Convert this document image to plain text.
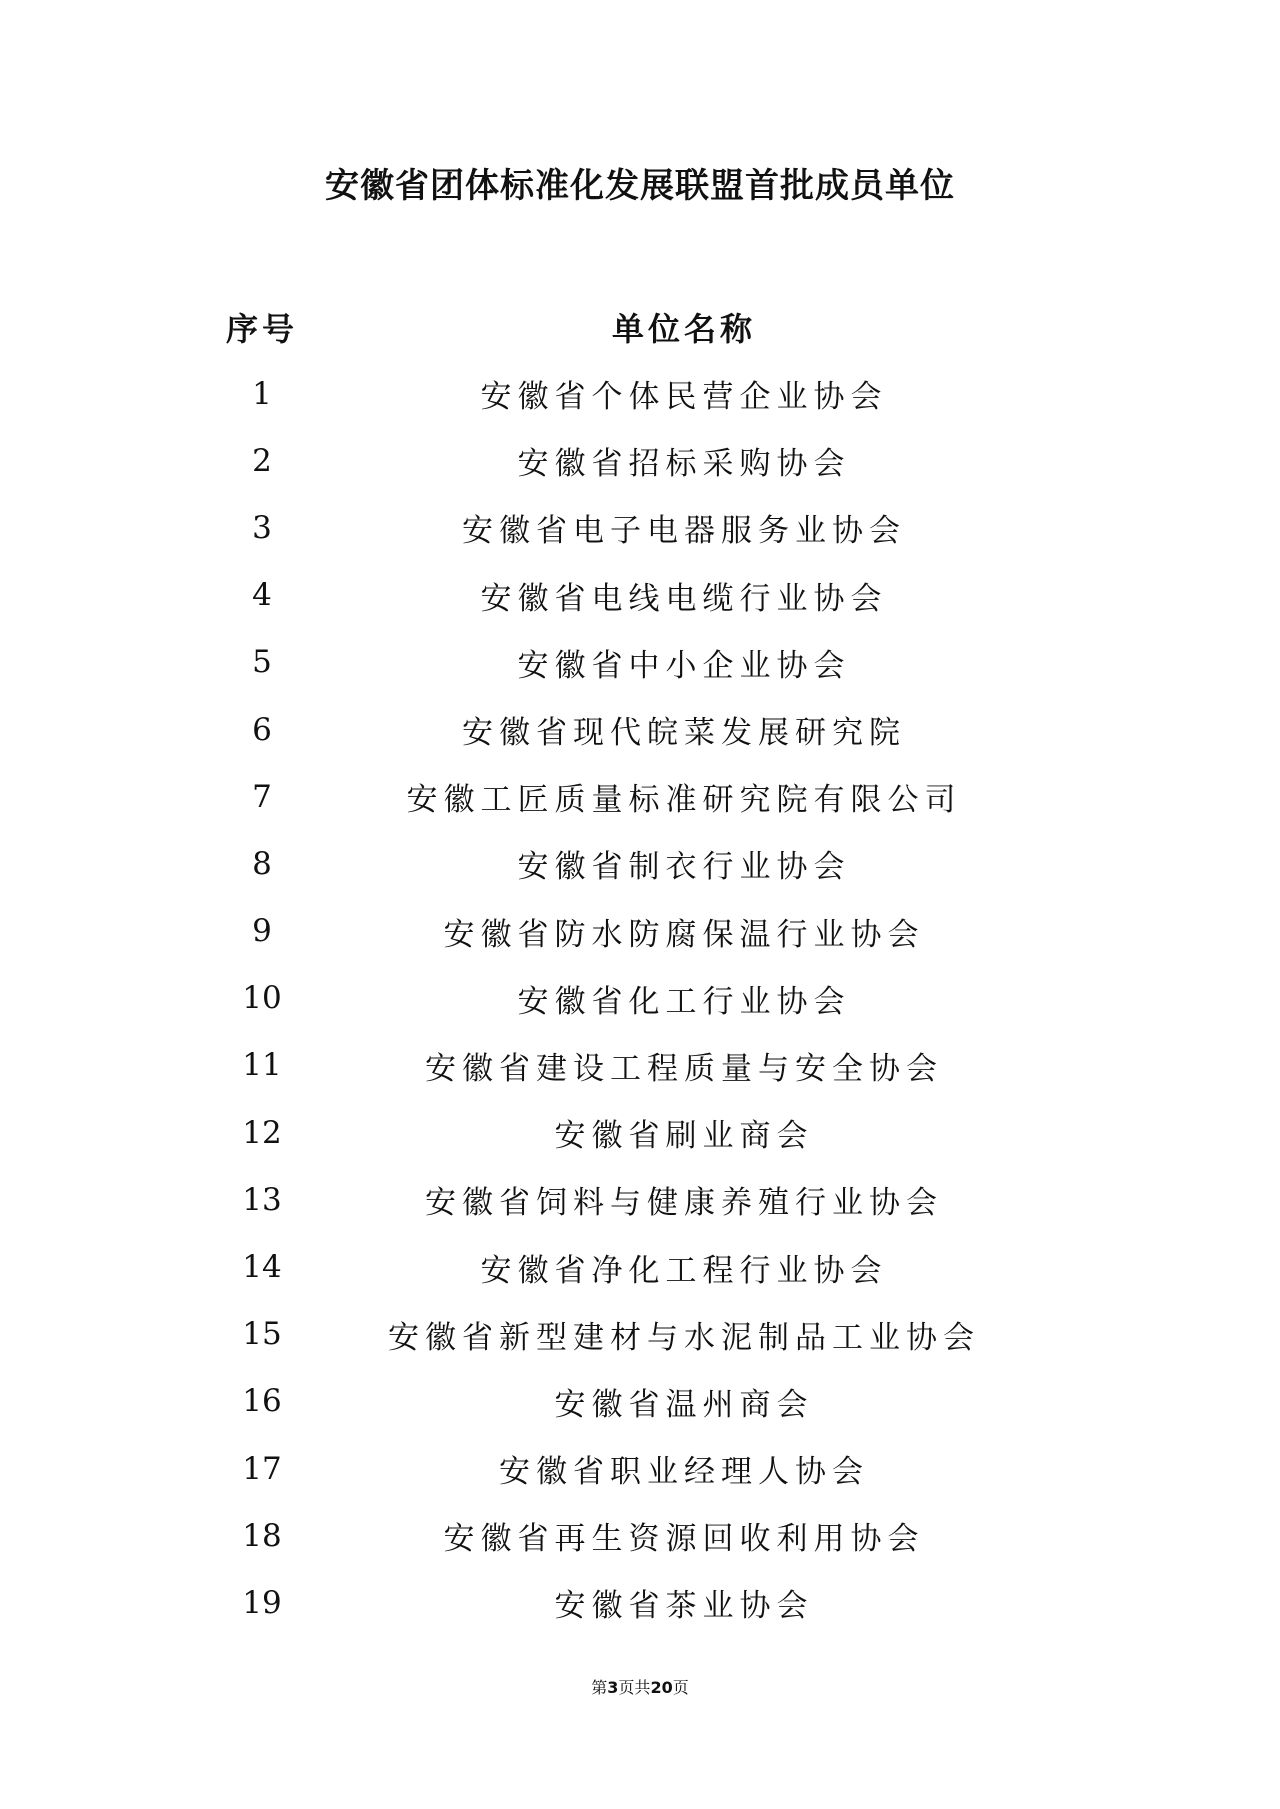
安徽省团体标准化发展联盟首批成员单位
序号	单位名称
1	安徽省个体民营企业协会
2	安徽省招标采购协会
3	安徽省电子电器服务业协会
4	安徽省电线电缆行业协会
5	安徽省中小企业协会
6	安徽省现代皖菜发展研究院
7	安徽工匠质量标准研究院有限公司
8	安徽省制衣行业协会
9	安徽省防水防腐保温行业协会
10	安徽省化工行业协会
11	安徽省建设工程质量与安全协会
12	安徽省刷业商会
13	安徽省饲料与健康养殖行业协会
14	安徽省净化工程行业协会
15	安徽省新型建材与水泥制品工业协会
16	安徽省温州商会
17	安徽省职业经理人协会
18	安徽省再生资源回收利用协会
19	安徽省茶业协会
第3页共20页
